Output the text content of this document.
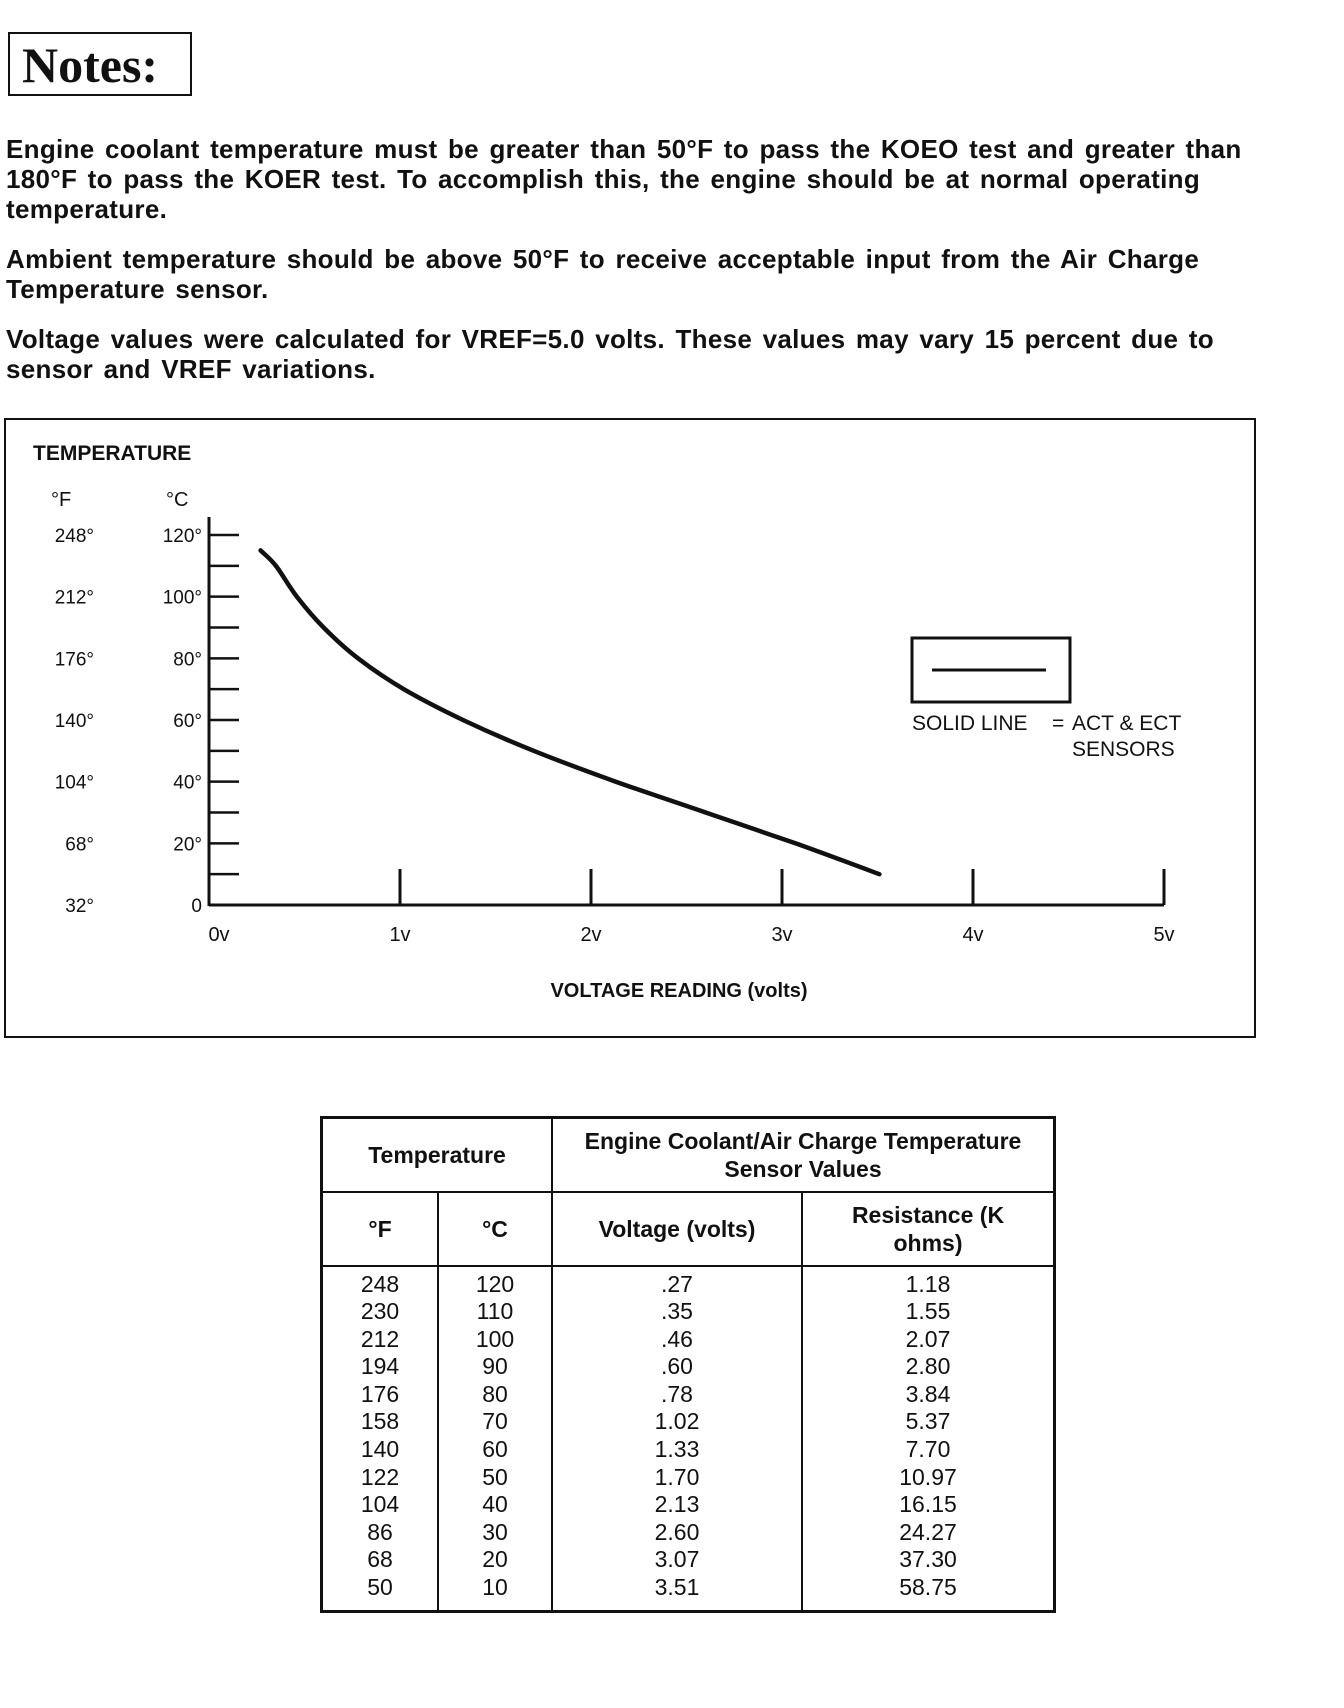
Notes:

Engine coolant temperature must be greater than 50°F to pass the KOEO test and greater than 180°F to pass the KOER test. To accomplish this, the engine should be at normal operating temperature.

Ambient temperature should be above 50°F to receive acceptable input from the Air Charge Temperature sensor.

Voltage values were calculated for VREF=5.0 volts. These values may vary 15 percent due to sensor and VREF variations.

TEMPERATURE
°F	°C
248°
212°
176°
140°
104°
68°
32°
120°
100°
80°
60°
40°
20°
0
0v	1v	2v	3v	4v	5v
VOLTAGE READING (volts)
SOLID LINE = ACT & ECT
SENSORS
Temperature		Engine Coolant/Air Charge Temperature Sensor Values	
°F	°C	Voltage (volts)	Resistance (K ohms)
248	120	.27	1.18
230	110	.35	1.55
212	100	.46	2.07
194	90	.60	2.80
176	80	.78	3.84
158	70	1.02	5.37
140	60	1.33	7.70
122	50	1.70	10.97
104	40	2.13	16.15
86	30	2.60	24.27
68	20	3.07	37.30
50	10	3.51	58.75
